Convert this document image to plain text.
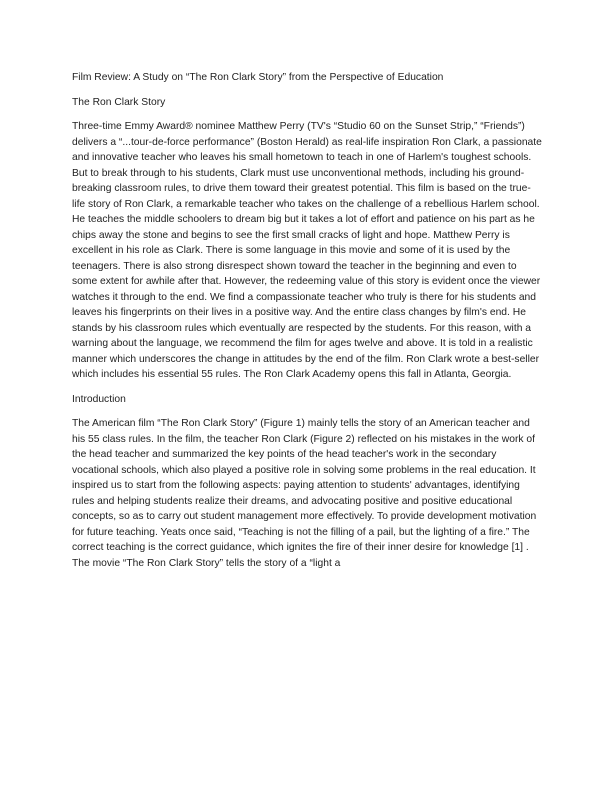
Film Review: A Study on “The Ron Clark Story” from the Perspective of Education

The Ron Clark Story

Three-time Emmy Award® nominee Matthew Perry (TV's “Studio 60 on the Sunset Strip,” “Friends”) delivers a “...tour-de-force performance” (Boston Herald) as real-life inspiration Ron Clark, a passionate and innovative teacher who leaves his small hometown to teach in one of Harlem's toughest schools. But to break through to his students, Clark must use unconventional methods, including his ground-breaking classroom rules, to drive them toward their greatest potential. This film is based on the true-life story of Ron Clark, a remarkable teacher who takes on the challenge of a rebellious Harlem school. He teaches the middle schoolers to dream big but it takes a lot of effort and patience on his part as he chips away the stone and begins to see the first small cracks of light and hope. Matthew Perry is excellent in his role as Clark. There is some language in this movie and some of it is used by the teenagers. There is also strong disrespect shown toward the teacher in the beginning and even to some extent for awhile after that. However, the redeeming value of this story is evident once the viewer watches it through to the end. We find a compassionate teacher who truly is there for his students and leaves his fingerprints on their lives in a positive way. And the entire class changes by film's end. He stands by his classroom rules which eventually are respected by the students. For this reason, with a warning about the language, we recommend the film for ages twelve and above. It is told in a realistic manner which underscores the change in attitudes by the end of the film. Ron Clark wrote a best-seller which includes his essential 55 rules. The Ron Clark Academy opens this fall in Atlanta, Georgia.

Introduction

The American film “The Ron Clark Story” (Figure 1) mainly tells the story of an American teacher and his 55 class rules. In the film, the teacher Ron Clark (Figure 2) reflected on his mistakes in the work of the head teacher and summarized the key points of the head teacher's work in the secondary vocational schools, which also played a positive role in solving some problems in the real education. It inspired us to start from the following aspects: paying attention to students' advantages, identifying rules and helping students realize their dreams, and advocating positive and positive educational concepts, so as to carry out student management more effectively. To provide development motivation for future teaching. Yeats once said, “Teaching is not the filling of a pail, but the lighting of a fire.” The correct teaching is the correct guidance, which ignites the fire of their inner desire for knowledge [1] . The movie “The Ron Clark Story” tells the story of a “light a
